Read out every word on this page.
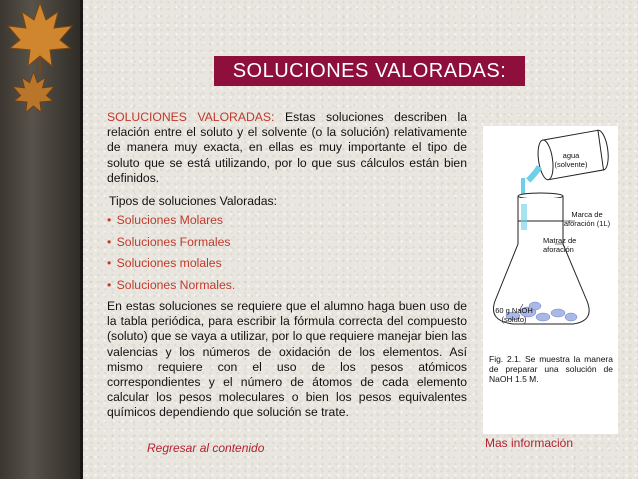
SOLUCIONES VALORADAS:

SOLUCIONES VALORADAS: Estas soluciones describen la relación entre el soluto y el solvente (o la solución) relativamente de manera muy exacta, en ellas es muy importante el tipo de soluto que se está utilizando, por lo que sus cálculos están bien definidos.

Tipos de soluciones Valoradas:
• Soluciones Molares
• Soluciones Formales
• Soluciones molales
• Soluciones Normales.

En estas soluciones se requiere que el alumno haga buen uso de la tabla periódica, para escribir la fórmula correcta del compuesto (soluto) que se vaya a utilizar, por lo que requiere manejar bien las valencias y los números de oxidación de los elementos. Así mismo requiere con el uso de los pesos atómicos correspondientes y el número de átomos de cada elemento calcular los pesos moleculares o bien los pesos equivalentes químicos dependiendo que solución se trate.

Regresar al contenido
agua
(solvente)
Marca de
aforación (1L)
Matraz de
aforación
60 g NaOH
(soluto)
Fig. 2.1. Se muestra la manera de preparar una solución de NaOH 1.5 M.
Mas información
